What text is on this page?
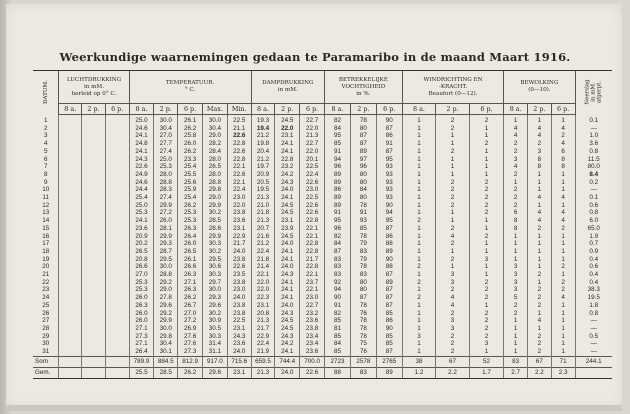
Weerkundige waarnemingen gedaan te Paramaribo in de maand Maart 1916.
DATUM.	LUCHTDRUKKING
in mM.
herleid op 0° C.			TEMPERATUUR.
° C.					DAMPDRUKKING
in mM.			BETREKKELIJKE
VOCHTIGHEID
in %.			WINDRICHTING EN
-KRACHT.
Beaufort (0—12).			BEWOLKING
(0—10).			Neerslag
in mM.
afgerpt.
	8 a.	2 p.	6 p.	8 a.	2 p.	6 p.	Max.	Min.	8 a.	2 p.	6 p.	8 a.	2 p.	6 p.	8 a.	2 p.	6 p.	8 a.	2 p.	6 p.	
1				25.0	30.0	26.1	30.0	22.5	19.3	24.5	22.7	82	78	90	1	2	2	1	1	1	0.1
2				24.6	30.4	26.2	30.4	21.1	19.4	22.0	22.0	84	80	87	1	2	1	4	4	4	—
3				24.1	27.0	25.8	29.0	22.6	21.2	23.1	21.3	95	87	86	1	1	1	4	4	2	1.0
4				24.8	27.7	26.0	28.2	22.8	19.8	24.1	22.7	85	87	91	1	1	2	2	2	4	3.6
5				24.1	27.4	26.2	28.4	22.6	20.4	24.1	22.0	91	89	87	1	2	1	2	3	6	0.8
6				24.3	25.0	23.3	28.0	22.8	21.2	22.8	20.1	94	97	95	1	1	1	3	8	8	11.5
7				22.6	25.3	25.4	26.5	22.1	19.7	23.2	22.5	96	96	93	1	1	1	4	8	8	80.0
8				24.9	28.0	25.5	28.0	22.6	20.9	24.2	22.4	89	80	93	1	1	1	2	1	1	8.4
9				24.6	28.8	25.6	28.8	22.1	20.5	24.3	22.6	89	80	93	1	2	2	1	1	1	0.2
10				24.4	28.3	25.9	29.8	22.4	19.5	24.0	23.0	86	84	93	1	2	2	2	1	1	—
11				25.4	27.4	25.4	29.0	23.0	21.3	24.1	22.5	89	80	93	1	2	2	2	4	4	0.1
12				25.0	29.9	26.2	29.9	22.0	21.0	24.5	22.6	89	78	90	1	2	2	2	1	1	0.6
13				25.3	27.2	25.3	30.2	23.8	21.8	24.5	22.6	91	91	94	1	1	2	6	4	4	0.8
14				24.1	26.0	25.3	28.5	23.6	21.3	23.1	22.8	95	93	95	2	1	1	8	4	4	6.0
15				23.6	28.1	26.3	28.6	23.1	20.7	23.9	22.1	96	85	87	1	2	1	8	2	2	65.0
16				20.9	29.9	26.4	29.9	22.9	21.6	24.5	22.1	82	78	86	1	4	2	1	1	1	1.9
17				20.2	29.3	26.0	30.3	21.7	21.2	24.0	22.8	84	79	88	1	2	1	1	1	1	0.7
18				26.5	28.7	26.5	30.2	24.0	22.4	24.1	22.8	87	83	89	1	1	1	1	1	1	0.9
19				20.8	29.5	26.1	29.5	23.8	21.8	24.1	21.7	83	79	90	1	2	3	1	1	1	0.4
20				26.6	30.0	26.6	30.6	22.6	21.4	24.0	22.8	83	78	88	2	1	1	3	1	2	0.6
21				27.0	28.8	26.3	30.3	23.5	22.1	24.3	22.1	83	83	87	1	3	1	3	2	1	0.4
22				25.3	29.2	27.1	29.7	23.8	22.0	24.1	23.7	92	80	89	2	3	2	3	1	2	0.4
23				25.3	29.0	26.3	30.0	23.0	22.0	24.1	22.1	94	80	87	1	2	2	3	2	2	38.3
24				26.0	27.8	26.2	29.3	24.0	22.3	24.1	23.0	90	87	87	2	4	2	5	2	4	19.5
25				26.3	29.6	26.7	29.6	23.8	23.1	24.0	22.7	91	78	87	1	4	1	2	2	1	1.8
26				26.0	29.2	27.0	30.2	23.8	20.8	24.3	23.2	82	76	85	1	2	2	2	1	1	0.8
27				26.0	29.9	27.2	30.9	22.5	21.3	24.5	23.6	85	78	86	1	3	2	1	4	1	—
28				27.1	30.0	26.9	30.5	23.1	21.7	24.5	23.8	81	78	90	1	3	2	1	1	1	—
29				27.3	29.8	27.6	30.3	24.3	22.9	24.3	23.4	85	78	85	3	2	2	1	2	1	0.5
30				27.1	30.4	27.6	31.4	23.6	22.4	24.2	23.4	84	75	85	1	2	3	1	2	1	—
31				26.4	30.1	27.3	31.1	24.0	21.9	24.1	23.6	85	76	87	1	2	1	1	2	1	—
Som				789.9	884.5	812.9	917.0	715.6	659.5	744.4	700.0	2723	2578	2765	38	67	52	83	67	71	244.1
Gem.				25.5	28.5	26.2	29.6	23.1	21.3	24.0	22.6	88	83	89	1.2	2.2	1.7	2.7	2.2	2.3	
